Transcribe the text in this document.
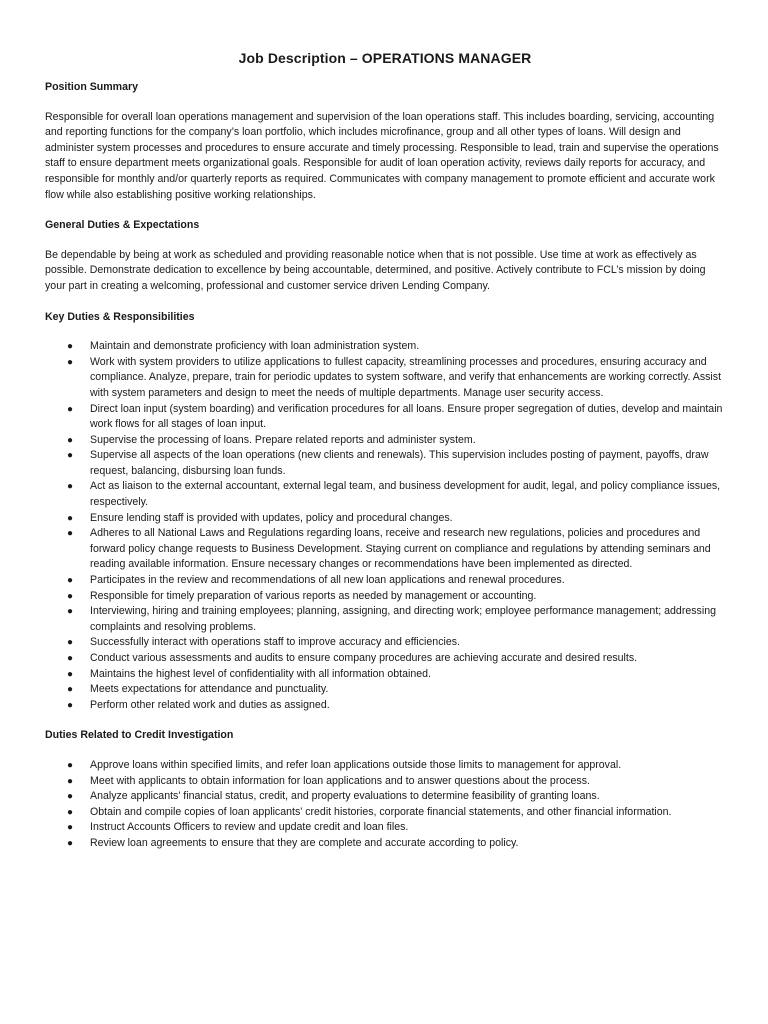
Job Description – OPERATIONS MANAGER
Position Summary

Responsible for overall loan operations management and supervision of the loan operations staff. This includes boarding, servicing, accounting and reporting functions for the company’s loan portfolio, which includes microfinance, group and all other types of loans. Will design and administer system processes and procedures to ensure accurate and timely processing. Responsible to lead, train and supervise the operations staff to ensure department meets organizational goals. Responsible for audit of loan operation activity, reviews daily reports for accuracy, and responsible for monthly and/or quarterly reports as required. Communicates with company management to promote efficient and accurate work flow while also establishing positive working relationships.

General Duties & Expectations

Be dependable by being at work as scheduled and providing reasonable notice when that is not possible. Use time at work as effectively as possible. Demonstrate dedication to excellence by being accountable, determined, and positive. Actively contribute to FCL’s mission by doing your part in creating a welcoming, professional and customer service driven Lending Company.

Key Duties & Responsibilities
● Maintain and demonstrate proficiency with loan administration system.
● Work with system providers to utilize applications to fullest capacity, streamlining processes and procedures, ensuring accuracy and compliance. Analyze, prepare, train for periodic updates to system software, and verify that enhancements are working correctly. Assist with system parameters and design to meet the needs of multiple departments. Manage user security access.
● Direct loan input (system boarding) and verification procedures for all loans. Ensure proper segregation of duties, develop and maintain work flows for all stages of loan input.
● Supervise the processing of loans. Prepare related reports and administer system.
● Supervise all aspects of the loan operations (new clients and renewals). This supervision includes posting of payment, payoffs, draw request, balancing, disbursing loan funds.
● Act as liaison to the external accountant, external legal team, and business development for audit, legal, and policy compliance issues, respectively.
● Ensure lending staff is provided with updates, policy and procedural changes.
● Adheres to all National Laws and Regulations regarding loans, receive and research new regulations, policies and procedures and forward policy change requests to Business Development. Staying current on compliance and regulations by attending seminars and reading available information. Ensure necessary changes or recommendations have been implemented as directed.
● Participates in the review and recommendations of all new loan applications and renewal procedures.
● Responsible for timely preparation of various reports as needed by management or accounting.
● Interviewing, hiring and training employees; planning, assigning, and directing work; employee performance management; addressing complaints and resolving problems.
● Successfully interact with operations staff to improve accuracy and efficiencies.
● Conduct various assessments and audits to ensure company procedures are achieving accurate and desired results.
● Maintains the highest level of confidentiality with all information obtained.
● Meets expectations for attendance and punctuality.
● Perform other related work and duties as assigned.
Duties Related to Credit Investigation
● Approve loans within specified limits, and refer loan applications outside those limits to management for approval.
● Meet with applicants to obtain information for loan applications and to answer questions about the process.
● Analyze applicants' financial status, credit, and property evaluations to determine feasibility of granting loans.
● Obtain and compile copies of loan applicants' credit histories, corporate financial statements, and other financial information.
● Instruct Accounts Officers to review and update credit and loan files.
● Review loan agreements to ensure that they are complete and accurate according to policy.
